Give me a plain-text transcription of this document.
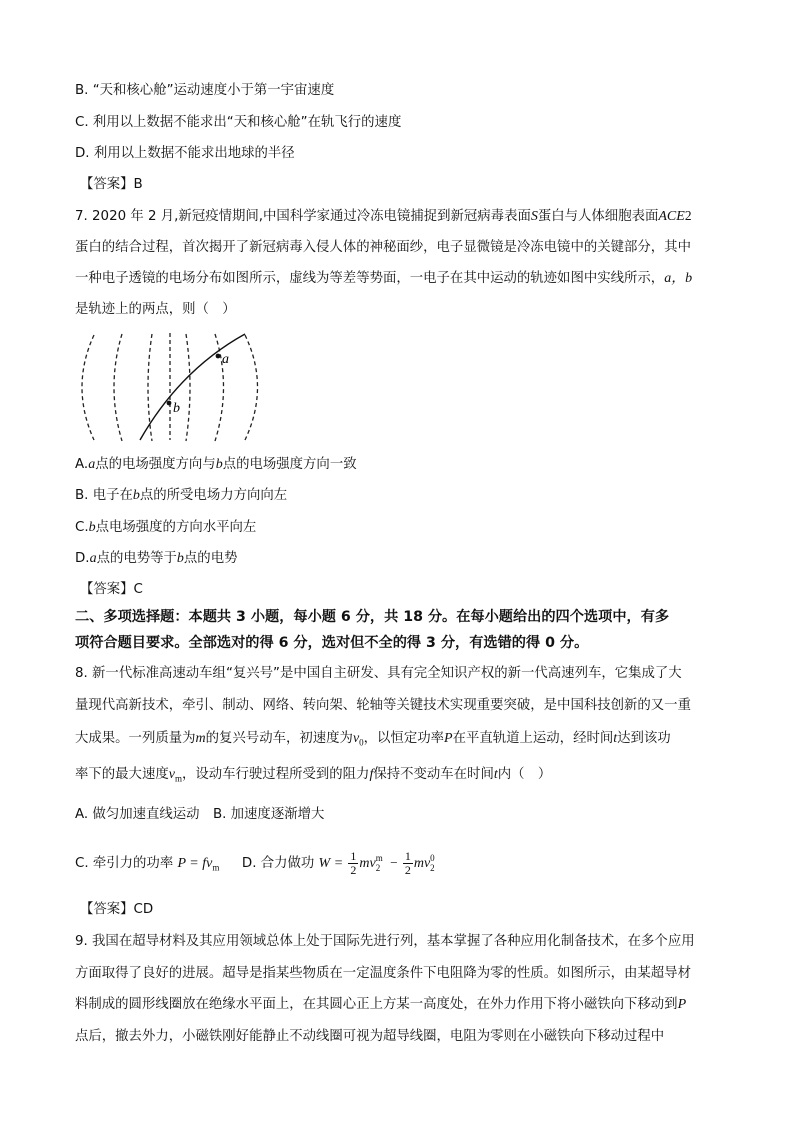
B. “天和核心舱”运动速度小于第一宇宙速度
C. 利用以上数据不能求出“天和核心舱”在轨飞行的速度
D. 利用以上数据不能求出地球的半径
【答案】B
7. 2020 年 2 月,新冠疫情期间,中国科学家通过冷冻电镜捕捉到新冠病毒表面S蛋白与人体细胞表面ACE2
蛋白的结合过程，首次揭开了新冠病毒入侵人体的神秘面纱，电子显微镜是冷冻电镜中的关键部分，其中
一种电子透镜的电场分布如图所示，虚线为等差等势面，一电子在其中运动的轨迹如图中实线所示，a，b
是轨迹上的两点，则（　）
a
b
A.a点的电场强度方向与b点的电场强度方向一致
B. 电子在b点的所受电场力方向向左
C.b点电场强度的方向水平向左
D.a点的电势等于b点的电势
【答案】C
二、多项选择题：本题共 3 小题，每小题 6 分，共 18 分。在每小题给出的四个选项中，有多
项符合题目要求。全部选对的得 6 分，选对但不全的得 3 分，有选错的得 0 分。
8. 新一代标准高速动车组“复兴号”是中国自主研发、具有完全知识产权的新一代高速列车，它集成了大
量现代高新技术，牵引、制动、网络、转向架、轮轴等关键技术实现重要突破，是中国科技创新的又一重
大成果。一列质量为m的复兴号动车，初速度为$v_0$，以恒定功率P在平直轨道上运动，经时间t达到该功
率下的最大速度$v_m$，设动车行驶过程所受到的阻力f保持不变动车在时间t内（　）
A. 做匀加速直线运动　B. 加速度逐渐增大
C. 牵引力的功率 $P = fv_m$ D. 合力做功 $W = \frac{1}{2}$ mv 2
$m - \frac{1}{2}$ mv 2
0
【答案】CD
9. 我国在超导材料及其应用领域总体上处于国际先进行列，基本掌握了各种应用化制备技术，在多个应用
方面取得了良好的进展。超导是指某些物质在一定温度条件下电阻降为零的性质。如图所示，由某超导材
料制成的圆形线圈放在绝缘水平面上，在其圆心正上方某一高度处，在外力作用下将小磁铁向下移动到P
点后，撤去外力，小磁铁刚好能静止不动线圈可视为超导线圈，电阻为零则在小磁铁向下移动过程中
